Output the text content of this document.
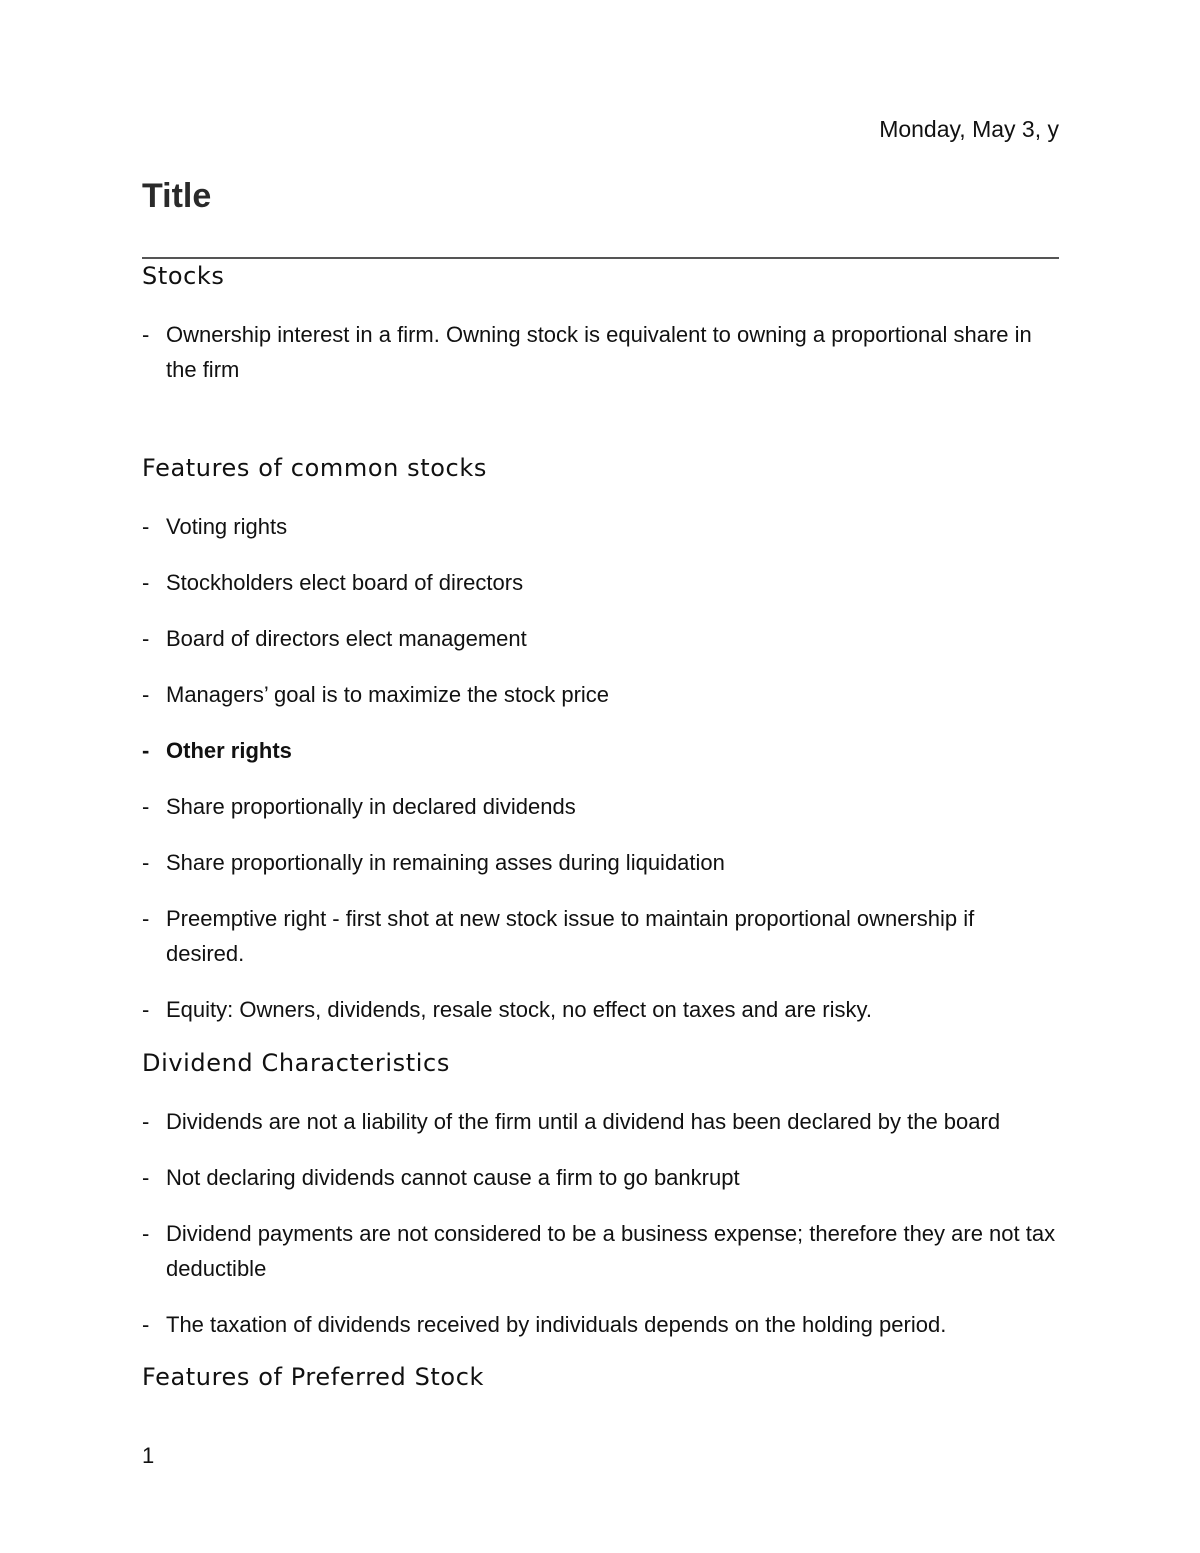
Monday, May 3, y
Title
Stocks
- Ownership interest in a firm. Owning stock is equivalent to owning a proportional share in the firm
Features of common stocks
- Voting rights
- Stockholders elect board of directors
- Board of directors elect management
- Managers’ goal is to maximize the stock price
- Other rights
- Share proportionally in declared dividends
- Share proportionally in remaining asses during liquidation
- Preemptive right - first shot at new stock issue to maintain proportional ownership if desired.
- Equity: Owners, dividends, resale stock, no effect on taxes and are risky.
Dividend Characteristics
- Dividends are not a liability of the firm until a dividend has been declared by the board
- Not declaring dividends cannot cause a firm to go bankrupt
- Dividend payments are not considered to be a business expense; therefore they are not tax deductible
- The taxation of dividends received by individuals depends on the holding period.
Features of Preferred Stock
1
